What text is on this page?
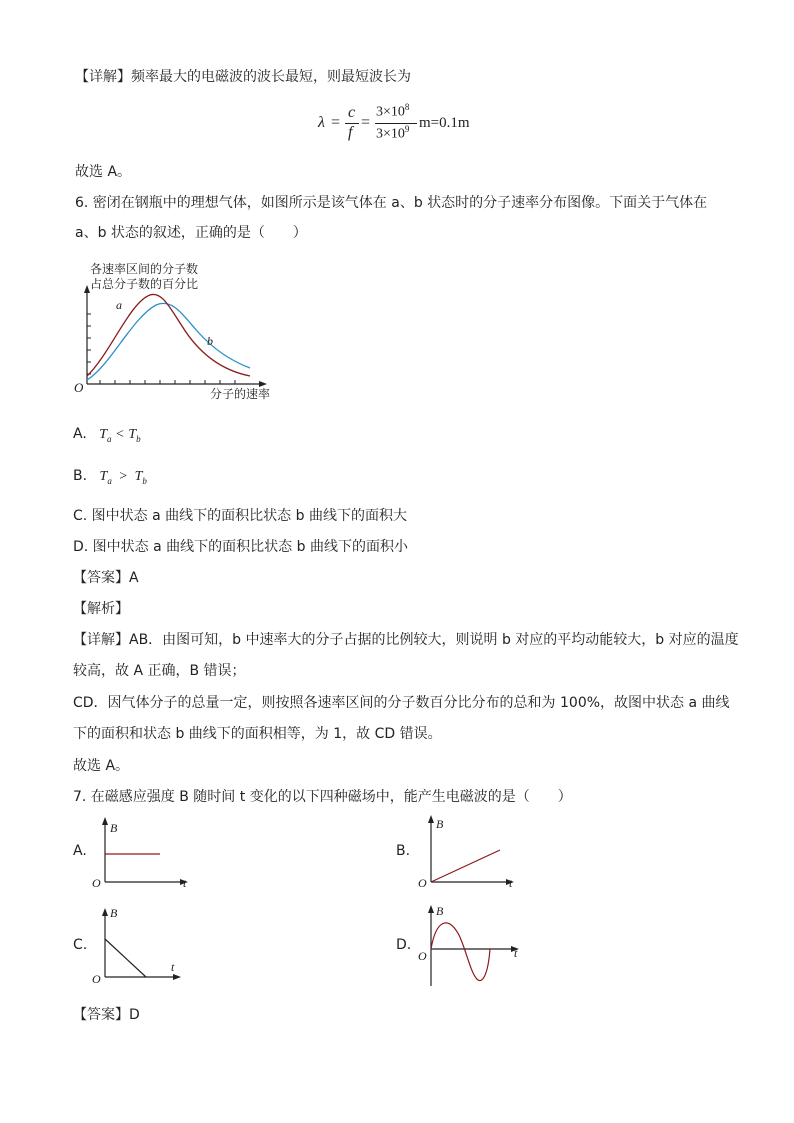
【详解】频率最大的电磁波的波长最短，则最短波长为
λ =
c
f
=
$3\times 10^8$
$3\times 10^9$ m=0.1m
故选 A。
6. 密闭在钢瓶中的理想气体，如图所示是该气体在 a、b 状态时的分子速率分布图像。下面关于气体在
a、b 状态的叙述，正确的是（　　）
各速率区间的分子数
占总分子数的百分比
a
b
O	分子的速率
A. $T_a < T_b$
B. $T_a > T_b$
C. 图中状态 a 曲线下的面积比状态 b 曲线下的面积大
D. 图中状态 a 曲线下的面积比状态 b 曲线下的面积小
【答案】A
【解析】
【详解】AB．由图可知，b 中速率大的分子占据的比例较大，则说明 b 对应的平均动能较大，b 对应的温度
较高，故 A 正确，B 错误；
CD．因气体分子的总量一定，则按照各速率区间的分子数百分比分布的总和为 100%，故图中状态 a 曲线
下的面积和状态 b 曲线下的面积相等，为 1，故 CD 错误。
故选 A。
7. 在磁感应强度 B 随时间 t 变化的以下四种磁场中，能产生电磁波的是（　　）
A.
B
O	t
B.
B
O	t
C.
B
O
t
D.
B
O	t
【答案】D
